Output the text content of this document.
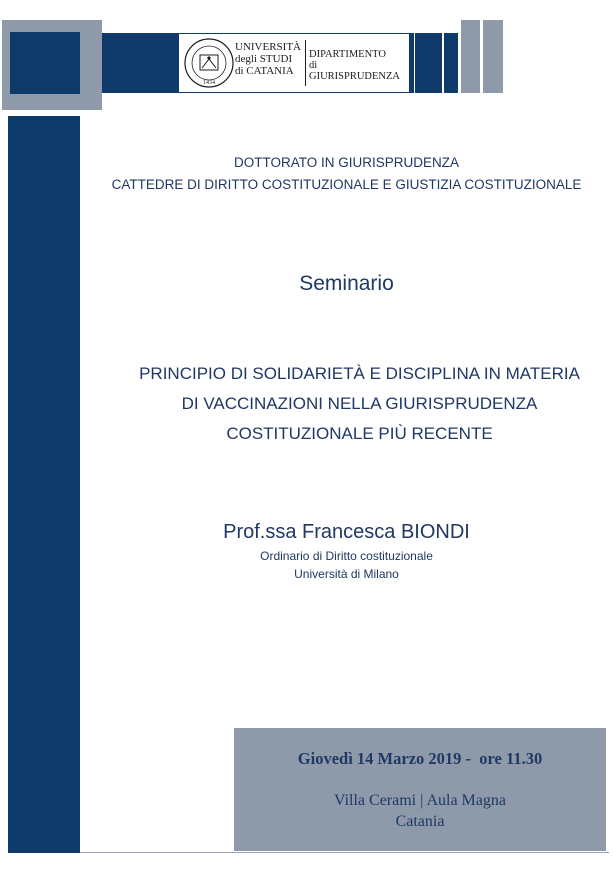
1434
UNIVERSITÀ
degli STUDI
di CATANIA
DIPARTIMENTO
di GIURISPRUDENZA
DOTTORATO IN GIURISPRUDENZA
CATTEDRE DI DIRITTO COSTITUZIONALE E GIUSTIZIA COSTITUZIONALE
Seminario
PRINCIPIO DI SOLIDARIETÀ E DISCIPLINA IN MATERIA
DI VACCINAZIONI NELLA GIURISPRUDENZA
COSTITUZIONALE PIÙ RECENTE
Prof.ssa Francesca BIONDI
Ordinario di Diritto costituzionale
Università di Milano
Giovedì 14 Marzo 2019 -  ore 11.30
Villa Cerami | Aula Magna
Catania
